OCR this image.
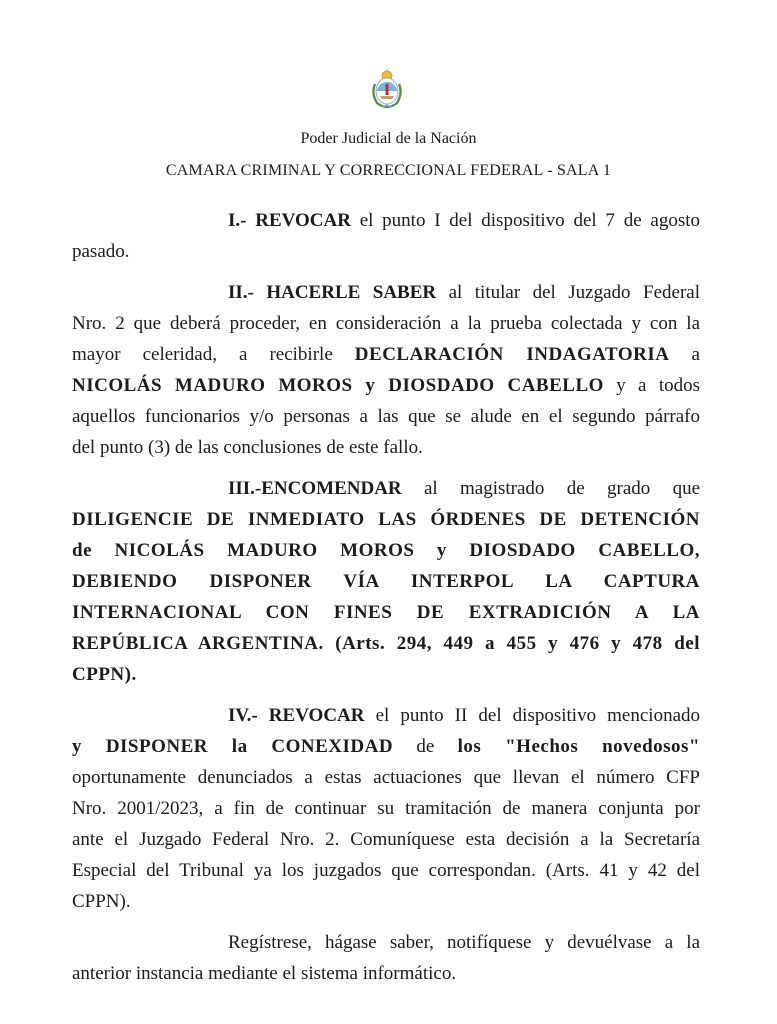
Poder Judicial de la Nación
CAMARA CRIMINAL Y CORRECCIONAL FEDERAL - SALA 1
I.- REVOCAR el punto I del dispositivo del 7 de agosto
pasado.
II.- HACERLE SABER al titular del Juzgado Federal
Nro. 2 que deberá proceder, en consideración a la prueba colectada y con la
mayor celeridad, a recibirle DECLARACIÓN INDAGATORIA a
NICOLÁS MADURO MOROS y DIOSDADO CABELLO y a todos
aquellos funcionarios y/o personas a las que se alude en el segundo párrafo
del punto (3) de las conclusiones de este fallo.
III.-ENCOMENDAR al magistrado de grado que
DILIGENCIE DE INMEDIATO LAS ÓRDENES DE DETENCIÓN
de NICOLÁS MADURO MOROS y DIOSDADO CABELLO,
DEBIENDO DISPONER VÍA INTERPOL LA CAPTURA
INTERNACIONAL CON FINES DE EXTRADICIÓN A LA
REPÚBLICA ARGENTINA. (Arts. 294, 449 a 455 y 476 y 478 del
CPPN).
IV.- REVOCAR el punto II del dispositivo mencionado
y DISPONER la CONEXIDAD de los "Hechos novedosos"
oportunamente denunciados a estas actuaciones que llevan el número CFP
Nro. 2001/2023, a fin de continuar su tramitación de manera conjunta por
ante el Juzgado Federal Nro. 2. Comuníquese esta decisión a la Secretaría
Especial del Tribunal ya los juzgados que correspondan. (Arts. 41 y 42 del
CPPN).
Regístrese, hágase saber, notifíquese y devuélvase a la
anterior instancia mediante el sistema informático.
